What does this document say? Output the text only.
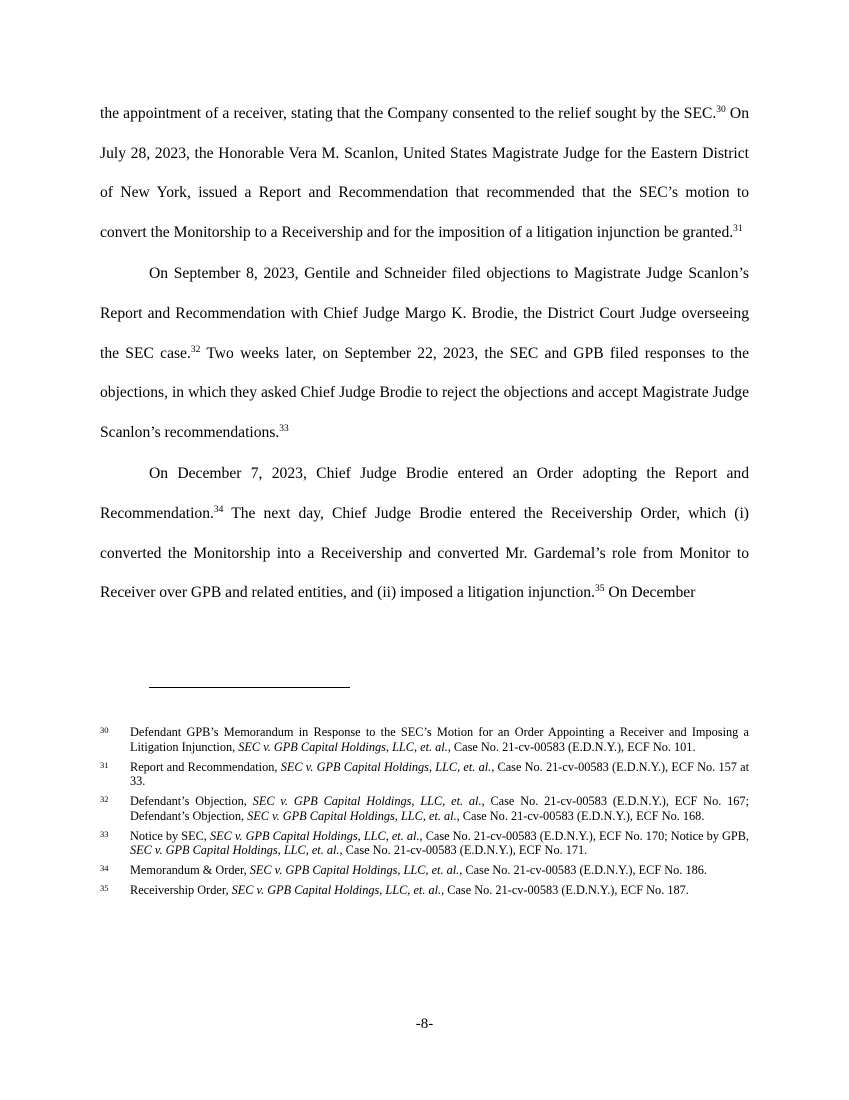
the appointment of a receiver, stating that the Company consented to the relief sought by the SEC.$^{30}$ On July 28, 2023, the Honorable Vera M. Scanlon, United States Magistrate Judge for the Eastern District of New York, issued a Report and Recommendation that recommended that the SEC’s motion to convert the Monitorship to a Receivership and for the imposition of a litigation injunction be granted.$^{31}$

On September 8, 2023, Gentile and Schneider filed objections to Magistrate Judge Scanlon’s Report and Recommendation with Chief Judge Margo K. Brodie, the District Court Judge overseeing the SEC case.$^{32}$ Two weeks later, on September 22, 2023, the SEC and GPB filed responses to the objections, in which they asked Chief Judge Brodie to reject the objections and accept Magistrate Judge Scanlon’s recommendations.$^{33}$

On December 7, 2023, Chief Judge Brodie entered an Order adopting the Report and Recommendation.$^{34}$ The next day, Chief Judge Brodie entered the Receivership Order, which (i) converted the Monitorship into a Receivership and converted Mr. Gardemal’s role from Monitor to Receiver over GPB and related entities, and (ii) imposed a litigation injunction.$^{35}$ On December

30 Defendant GPB’s Memorandum in Response to the SEC’s Motion for an Order Appointing a Receiver and Imposing a Litigation Injunction, SEC v. GPB Capital Holdings, LLC, et. al., Case No. 21-cv-00583 (E.D.N.Y.), ECF No. 101.
31 Report and Recommendation, SEC v. GPB Capital Holdings, LLC, et. al., Case No. 21-cv-00583 (E.D.N.Y.), ECF No. 157 at 33.
32 Defendant’s Objection, SEC v. GPB Capital Holdings, LLC, et. al., Case No. 21-cv-00583 (E.D.N.Y.), ECF No. 167; Defendant’s Objection, SEC v. GPB Capital Holdings, LLC, et. al., Case No. 21-cv-00583 (E.D.N.Y.), ECF No. 168.
33 Notice by SEC, SEC v. GPB Capital Holdings, LLC, et. al., Case No. 21-cv-00583 (E.D.N.Y.), ECF No. 170; Notice by GPB, SEC v. GPB Capital Holdings, LLC, et. al., Case No. 21-cv-00583 (E.D.N.Y.), ECF No. 171.
34 Memorandum & Order, SEC v. GPB Capital Holdings, LLC, et. al., Case No. 21-cv-00583 (E.D.N.Y.), ECF No. 186.
35 Receivership Order, SEC v. GPB Capital Holdings, LLC, et. al., Case No. 21-cv-00583 (E.D.N.Y.), ECF No. 187.
-8-
